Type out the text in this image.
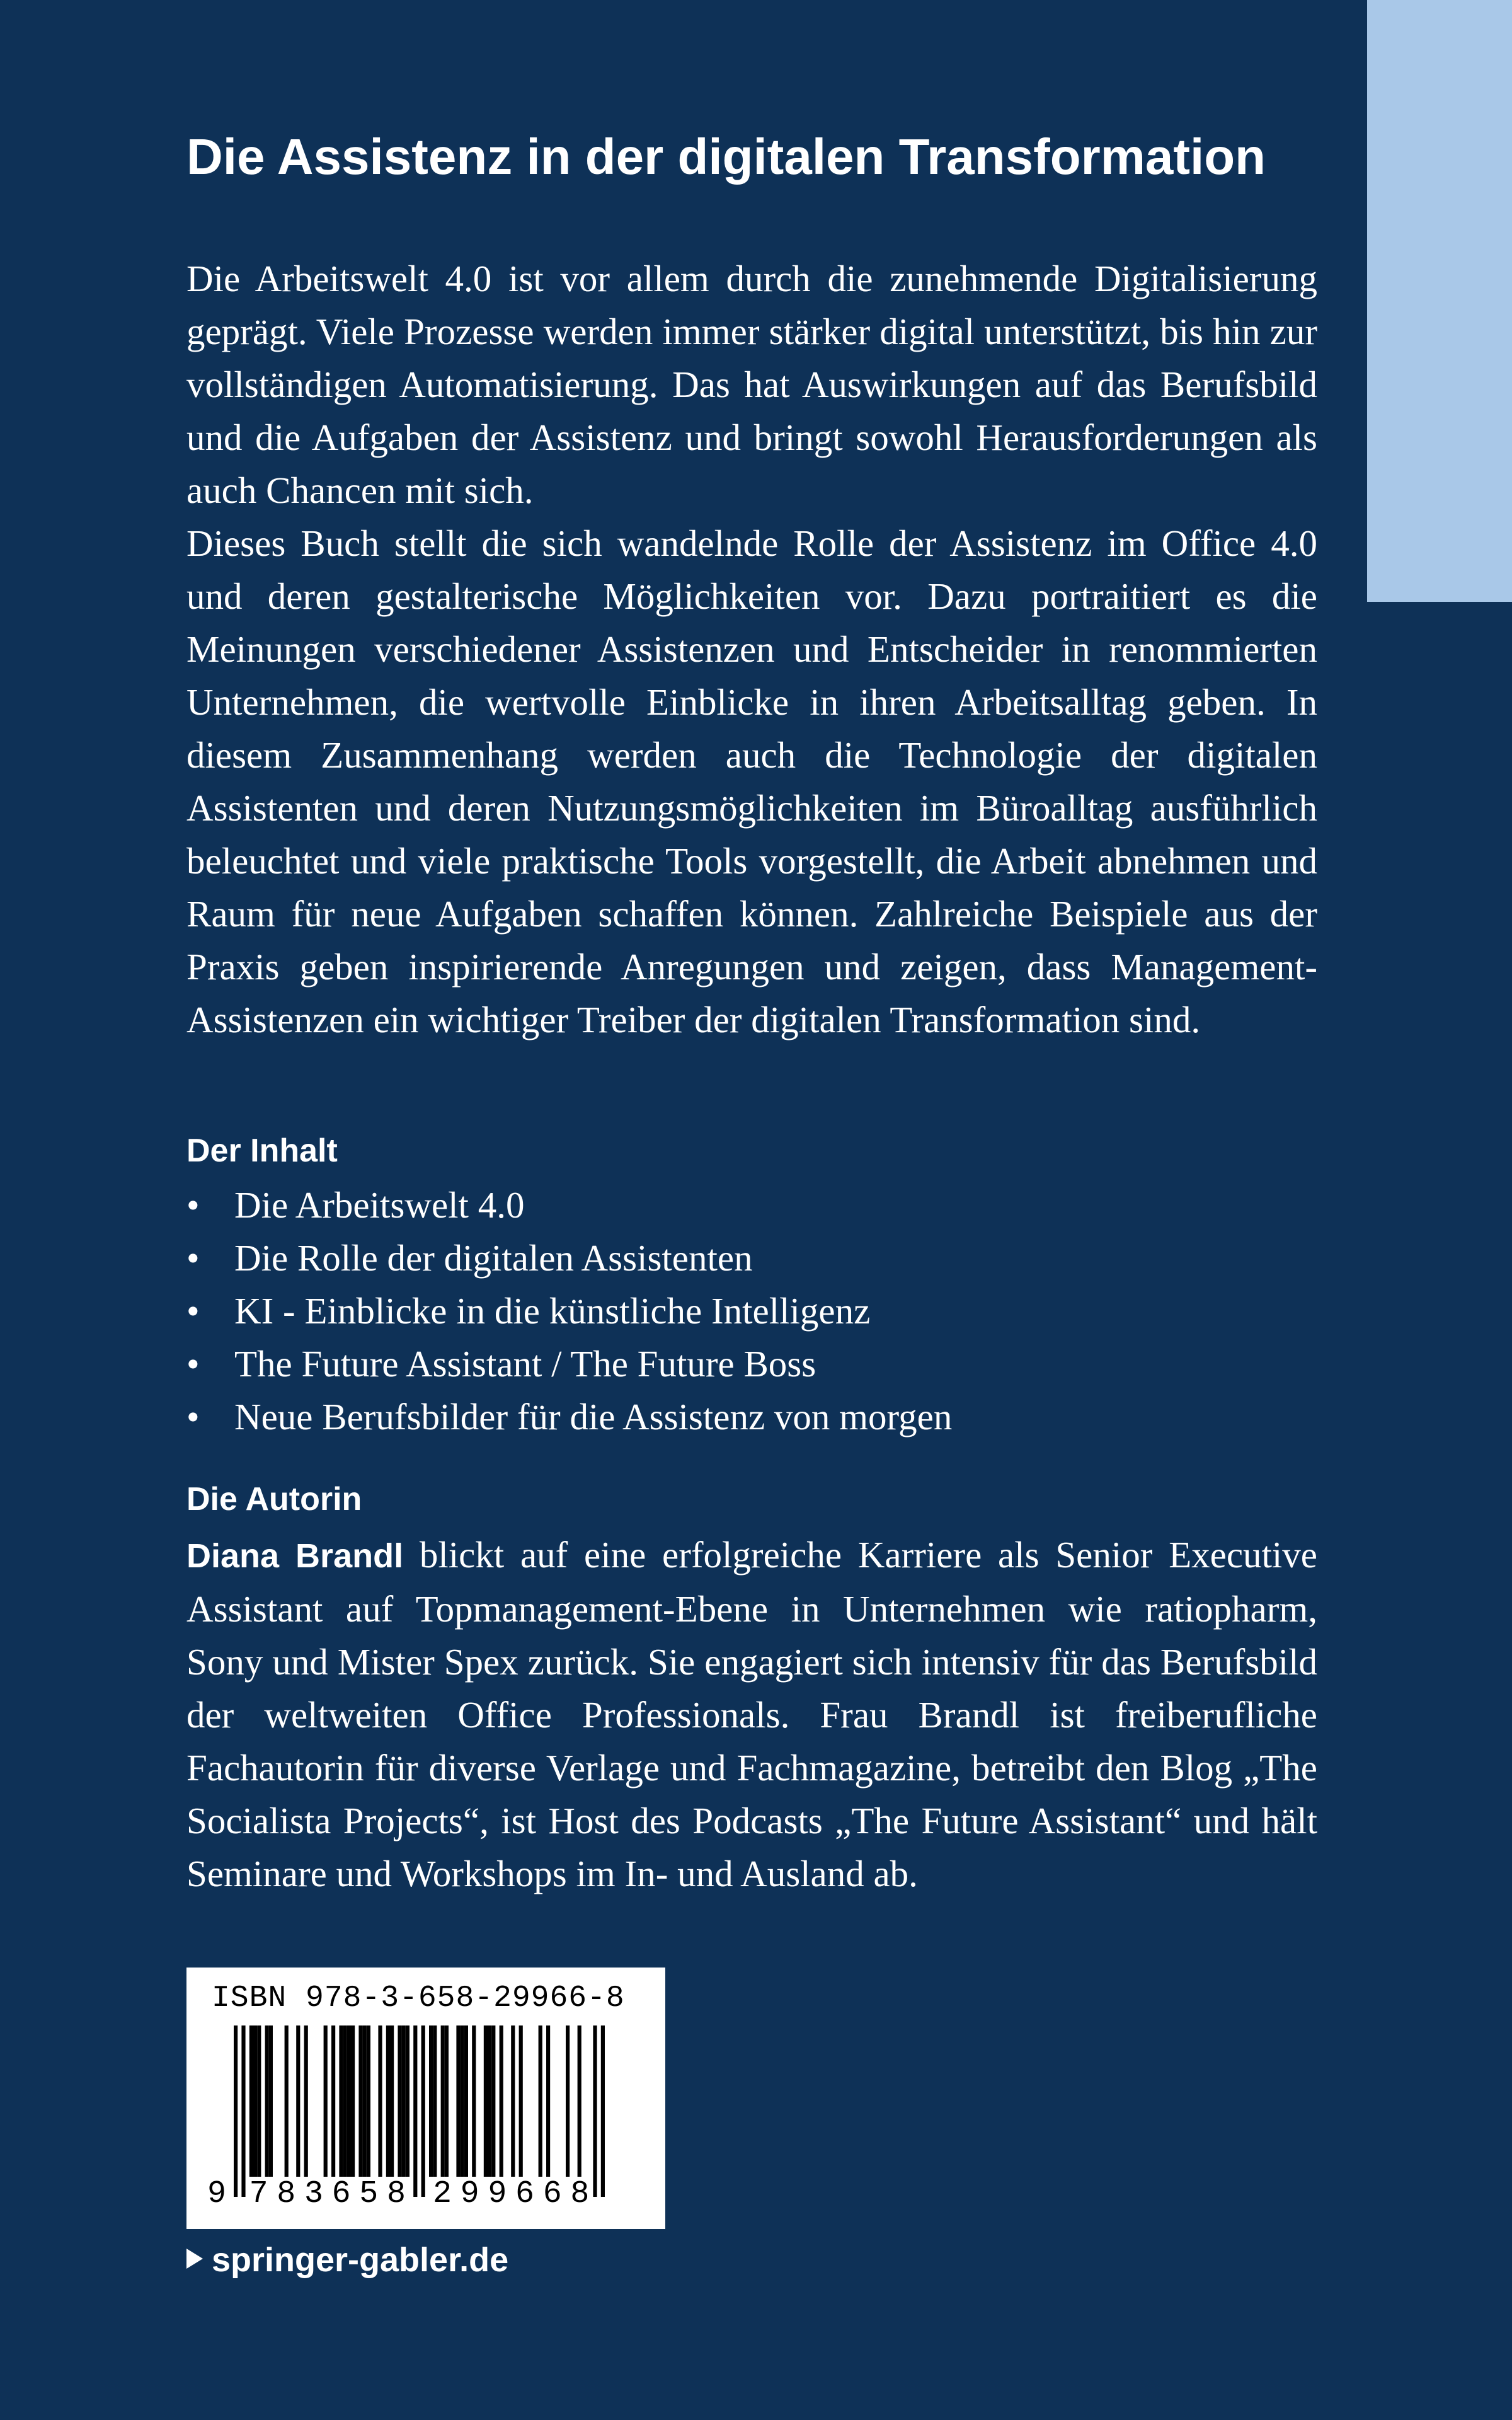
Die Assistenz in der digitalen Transformation

Die Arbeitswelt 4.0 ist vor allem durch die zunehmende Digitalisierung geprägt. Viele Prozesse werden immer stärker digital unterstützt, bis hin zur vollständigen Automatisierung. Das hat Auswirkungen auf das Berufsbild und die Aufgaben der Assistenz und bringt sowohl Herausforderungen als auch Chancen mit sich.

Dieses Buch stellt die sich wandelnde Rolle der Assistenz im Office 4.0 und deren gestalterische Möglichkeiten vor. Dazu portraitiert es die Meinungen verschiedener Assistenzen und Entscheider in renommierten Unternehmen, die wertvolle Einblicke in ihren Arbeitsalltag geben. In diesem Zusammenhang werden auch die Technologie der digitalen Assistenten und deren Nutzungsmöglichkeiten im Büroalltag ausführlich beleuchtet und viele praktische Tools vorgestellt, die Arbeit abnehmen und Raum für neue Aufgaben schaffen können. Zahlreiche Beispiele aus der Praxis geben inspirierende Anregungen und zeigen, dass Management-Assistenzen ein wichtiger Treiber der digitalen Transformation sind.

Der Inhalt
• Die Arbeitswelt 4.0
• Die Rolle der digitalen Assistenten
• KI - Einblicke in die künstliche Intelligenz
• The Future Assistant / The Future Boss
• Neue Berufsbilder für die Assistenz von morgen
Die Autorin

Diana Brandl blickt auf eine erfolgreiche Karriere als Senior Executive Assistant auf Topmanagement-Ebene in Unternehmen wie ratiopharm, Sony und Mister Spex zurück. Sie engagiert sich intensiv für das Berufsbild der weltweiten Office Professionals. Frau Brandl ist freiberufliche Fachautorin für diverse Verlage und Fachmagazine, betreibt den Blog „The Socialista Projects“, ist Host des Podcasts „The Future Assistant“ und hält Seminare und Workshops im In- und Ausland ab.

ISBN 978-3-658-29966-8
9 783658 299668
springer-gabler.de
